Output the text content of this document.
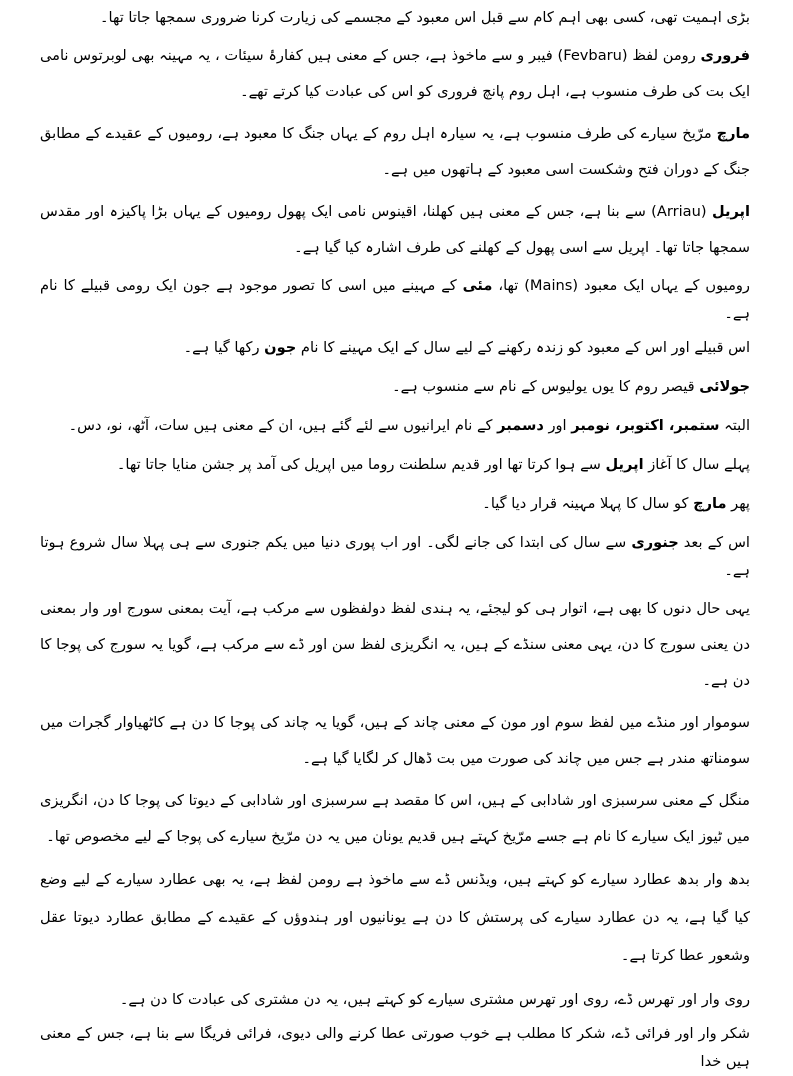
بڑی اہمیت تھی، کسی بھی اہم کام سے قبل اس معبود کے مجسمے کی زیارت کرنا ضروری سمجھا جاتا تھا۔

فروری رومن لفظ (Fevbaru) فیبر و سے ماخوذ ہے، جس کے معنی ہیں کفارۂ سیئات ، یہ مہینہ بھی لوبرتوس نامی ایک بت کی طرف منسوب ہے، اہل روم پانچ فروری کو اس کی عبادت کیا کرتے تھے۔

مارچ مرّیخ سیارے کی طرف منسوب ہے، یہ سیارہ اہل روم کے یہاں جنگ کا معبود ہے، رومیوں کے عقیدے کے مطابق جنگ کے دوران فتح وشکست اسی معبود کے ہاتھوں میں ہے۔

اپریل (Arriau) سے بنا ہے، جس کے معنی ہیں کھلنا، اقینوس نامی ایک پھول رومیوں کے یہاں بڑا پاکیزہ اور مقدس سمجھا جاتا تھا۔ اپریل سے اسی پھول کے کھلنے کی طرف اشارہ کیا گیا ہے۔

رومیوں کے یہاں ایک معبود (Mains) تھا، مئی کے مہینے میں اسی کا تصور موجود ہے جون ایک رومی قبیلے کا نام ہے۔

اس قبیلے اور اس کے معبود کو زندہ رکھنے کے لیے سال کے ایک مہینے کا نام جون رکھا گیا ہے۔

جولائی قیصر روم کا یوں یولیوس کے نام سے منسوب ہے۔

البتہ ستمبر، اکتوبر، نومبر اور دسمبر کے نام ایرانیوں سے لئے گئے ہیں، ان کے معنی ہیں سات، آٹھ، نو، دس۔

پہلے سال کا آغاز اپریل سے ہوا کرتا تھا اور قدیم سلطنت روما میں اپریل کی آمد پر جشن منایا جاتا تھا۔

پھر مارچ کو سال کا پہلا مہینہ قرار دیا گیا۔

اس کے بعد جنوری سے سال کی ابتدا کی جانے لگی۔ اور اب پوری دنیا میں یکم جنوری سے ہی پہلا سال شروع ہوتا ہے۔

یہی حال دنوں کا بھی ہے، اتوار ہی کو لیجئے، یہ ہندی لفظ دولفظوں سے مرکب ہے، آیت بمعنی سورج اور وار بمعنی دن یعنی سورج کا دن، یہی معنی سنڈے کے ہیں، یہ انگریزی لفظ سن اور ڈے سے مرکب ہے، گویا یہ سورج کی پوجا کا دن ہے۔

سوموار اور منڈے میں لفظ سوم اور مون کے معنی چاند کے ہیں، گویا یہ چاند کی پوجا کا دن ہے کاٹھیاوار گجرات میں سومناتھ مندر ہے جس میں چاند کی صورت میں بت ڈھال کر لگایا گیا ہے۔

منگل کے معنی سرسبزی اور شادابی کے ہیں، اس کا مقصد ہے سرسبزی اور شادابی کے دیوتا کی پوجا کا دن، انگریزی میں ٹیوز ایک سیارے کا نام ہے جسے مرّیخ کہتے ہیں قدیم یونان میں یہ دن مرّیخ سیارے کی پوجا کے لیے مخصوص تھا۔

بدھ وار بدھ عطارد سیارے کو کہتے ہیں، ویڈنس ڈے سے ماخوذ ہے رومن لفظ ہے، یہ بھی عطارد سیارے کے لیے وضع کیا گیا ہے، یہ دن عطارد سیارے کی پرستش کا دن ہے یونانیوں اور ہندوؤں کے عقیدے کے مطابق عطارد دیوتا عقل وشعور عطا کرتا ہے۔

روی وار اور تھرس ڈے، روی اور تھرس مشتری سیارے کو کہتے ہیں، یہ دن مشتری کی عبادت کا دن ہے۔

شکر وار اور فرائی ڈے، شکر کا مطلب ہے خوب صورتی عطا کرنے والی دیوی، فرائی فریگا سے بنا ہے، جس کے معنی ہیں خدا
